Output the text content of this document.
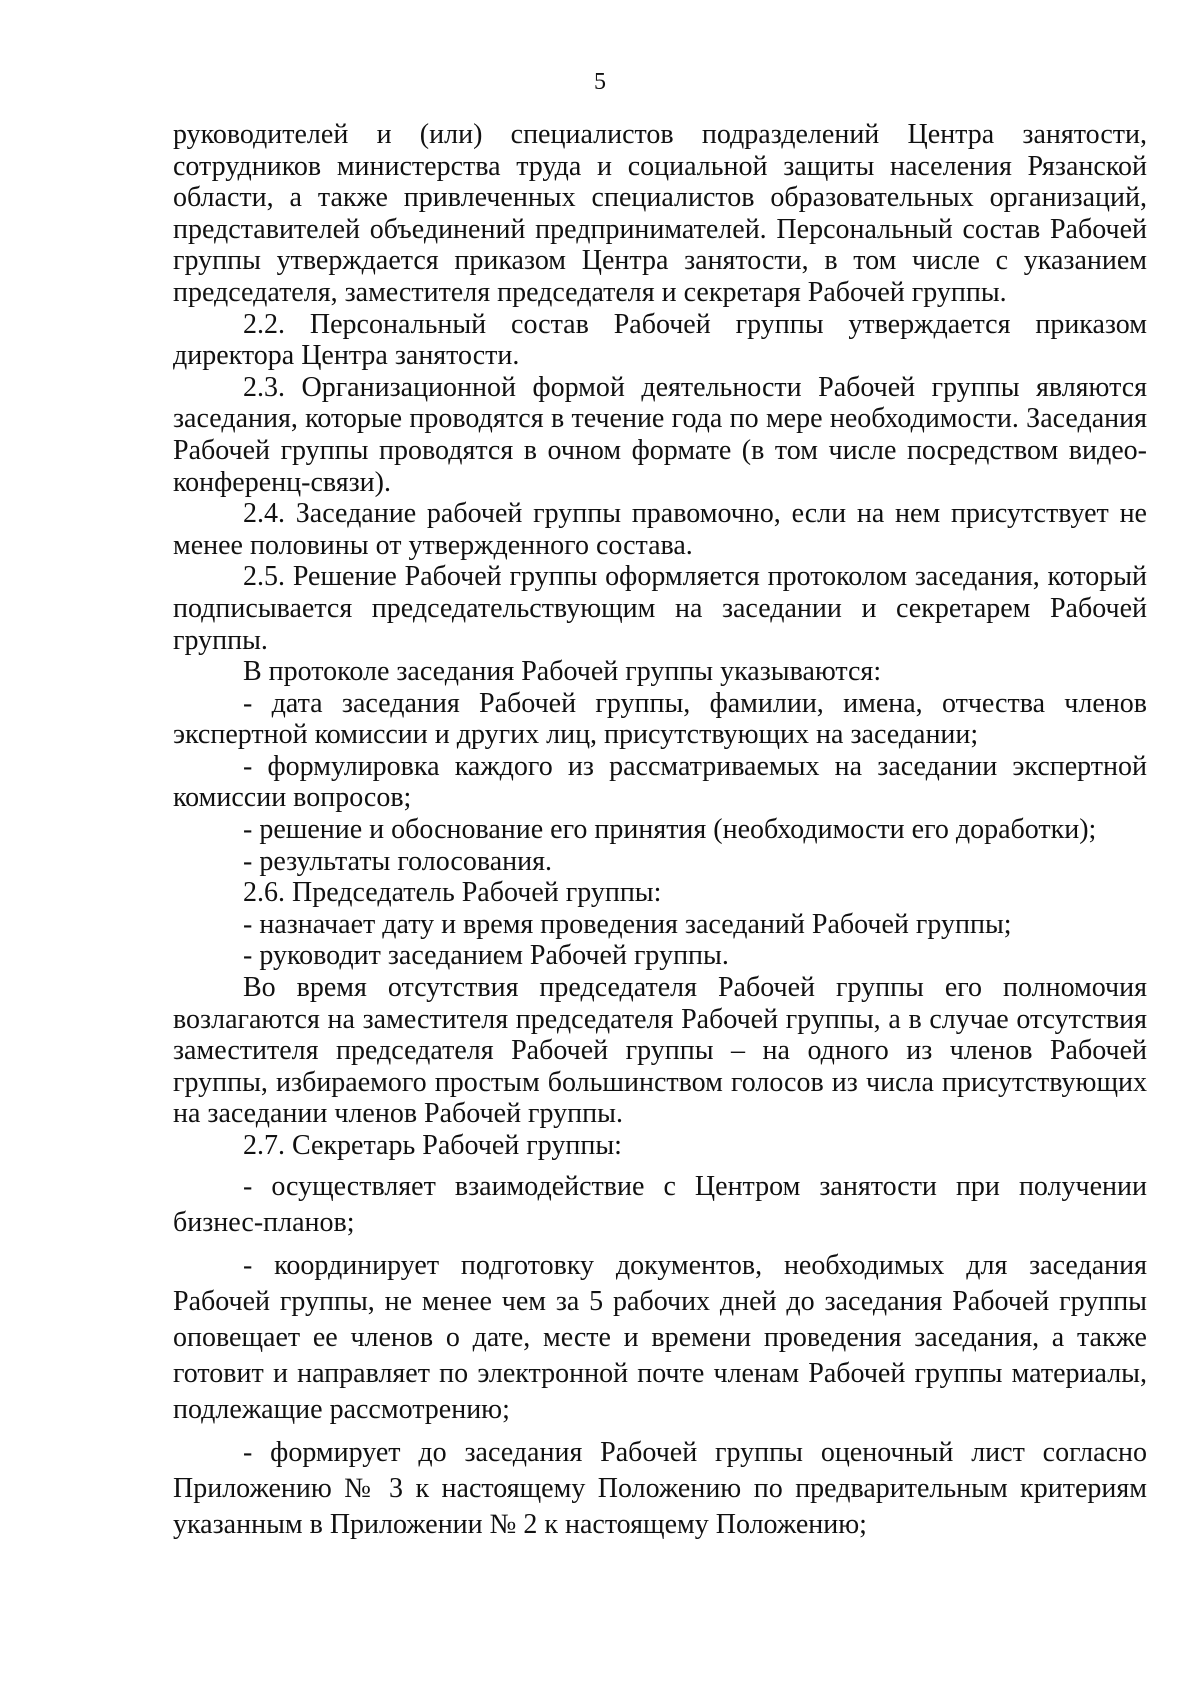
5

руководителей и (или) специалистов подразделений Центра занятости, сотрудников министерства труда и социальной защиты населения Рязанской области, а также привлеченных специалистов образовательных организаций, представителей объединений предпринимателей. Персональный состав Рабочей группы утверждается приказом Центра занятости, в том числе с указанием председателя, заместителя председателя и секретаря Рабочей группы.

2.2. Персональный состав Рабочей группы утверждается приказом директора Центра занятости.

2.3. Организационной формой деятельности Рабочей группы являются заседания, которые проводятся в течение года по мере необходимости. Заседания Рабочей группы проводятся в очном формате (в том числе посредством видео-конференц-связи).

2.4. Заседание рабочей группы правомочно, если на нем присутствует не менее половины от утвержденного состава.

2.5. Решение Рабочей группы оформляется протоколом заседания, который подписывается председательствующим на заседании и секретарем Рабочей группы.

В протоколе заседания Рабочей группы указываются:

- дата заседания Рабочей группы, фамилии, имена, отчества членов экспертной комиссии и других лиц, присутствующих на заседании;

- формулировка каждого из рассматриваемых на заседании экспертной комиссии вопросов;

- решение и обоснование его принятия (необходимости его доработки);

- результаты голосования.

2.6. Председатель Рабочей группы:

- назначает дату и время проведения заседаний Рабочей группы;

- руководит заседанием Рабочей группы.

Во время отсутствия председателя Рабочей группы его полномочия возлагаются на заместителя председателя Рабочей группы, а в случае отсутствия заместителя председателя Рабочей группы – на одного из членов Рабочей группы, избираемого простым большинством голосов из числа присутствующих на заседании членов Рабочей группы.

2.7. Секретарь Рабочей группы:

- осуществляет взаимодействие с Центром занятости при получении бизнес-планов;

- координирует подготовку документов, необходимых для заседания Рабочей группы, не менее чем за 5 рабочих дней до заседания Рабочей группы оповещает ее членов о дате, месте и времени проведения заседания, а также готовит и направляет по электронной почте членам Рабочей группы материалы, подлежащие рассмотрению;

- формирует до заседания Рабочей группы оценочный лист согласно Приложению № 3 к настоящему Положению по предварительным критериям указанным в Приложении № 2 к настоящему Положению;
